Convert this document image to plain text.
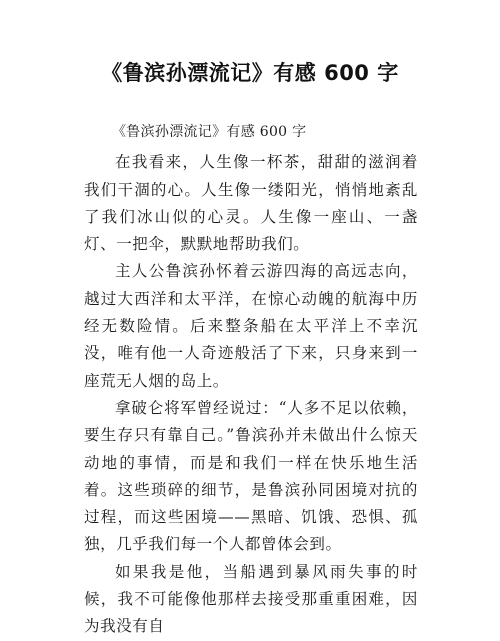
《鲁滨孙漂流记》有感 600 字

《鲁滨孙漂流记》有感 600 字

在我看来，人生像一杯茶，甜甜的滋润着我们干涸的心。人生像一缕阳光，悄悄地紊乱了我们冰山似的心灵。人生像一座山、一盏灯、一把伞，默默地帮助我们。

主人公鲁滨孙怀着云游四海的高远志向，越过大西洋和太平洋，在惊心动魄的航海中历经无数险情。后来整条船在太平洋上不幸沉没，唯有他一人奇迹般活了下来，只身来到一座荒无人烟的岛上。

拿破仑将军曾经说过：“人多不足以依赖，要生存只有靠自己。”鲁滨孙并未做出什么惊天动地的事情，而是和我们一样在快乐地生活着。这些琐碎的细节，是鲁滨孙同困境对抗的过程，而这些困境——黑暗、饥饿、恐惧、孤独，几乎我们每一个人都曾体会到。

如果我是他，当船遇到暴风雨失事的时候，我不可能像他那样去接受那重重困难，因为我没有自
